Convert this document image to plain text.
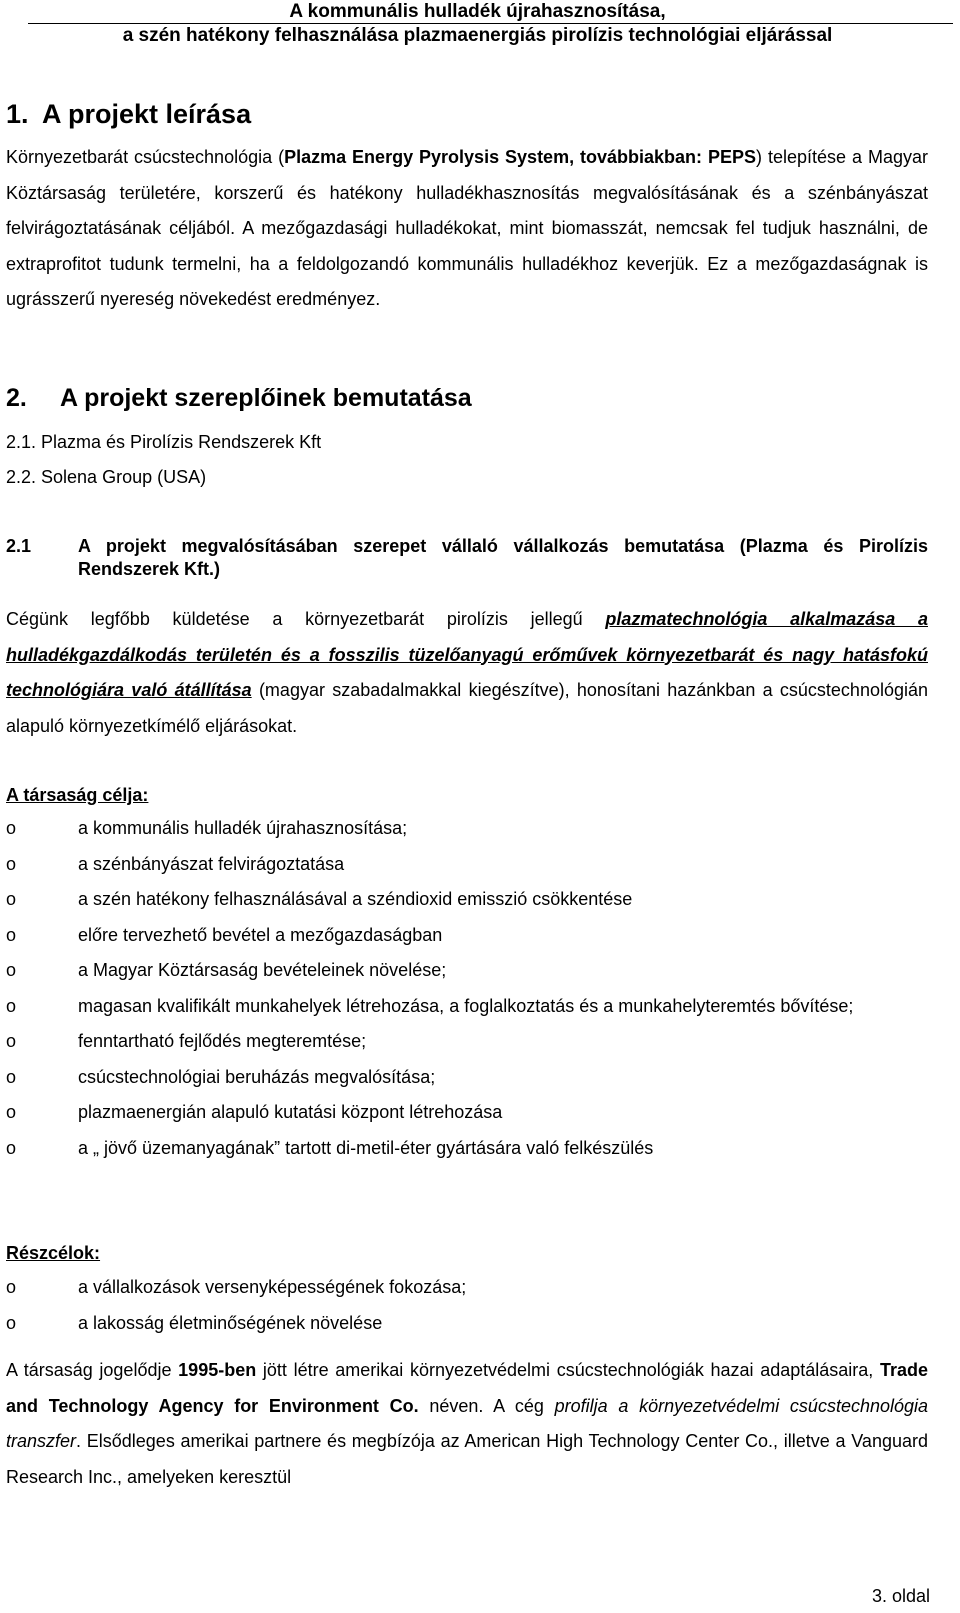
A kommunális hulladék újrahasznosítása,
a szén hatékony felhasználása plazmaenergiás pirolízis technológiai eljárással
1. A projekt leírása

Környezetbarát csúcstechnológia (Plazma Energy Pyrolysis System, továbbiakban: PEPS) telepítése a Magyar Köztársaság területére, korszerű és hatékony hulladékhasznosítás megvalósításának és a szénbányászat felvirágoztatásának céljából. A mezőgazdasági hulladékokat, mint biomasszát, nemcsak fel tudjuk használni, de extraprofitot tudunk termelni, ha a feldolgozandó kommunális hulladékhoz keverjük. Ez a mezőgazdaságnak is ugrásszerű nyereség növekedést eredményez.

2. A projekt szereplőinek bemutatása
2.1. Plazma és Pirolízis Rendszerek Kft
2.2. Solena Group (USA)
2.1	A projekt megvalósításában szerepet vállaló vállalkozás bemutatása (Plazma és Pirolízis Rendszerek Kft.)

Cégünk legfőbb küldetése a környezetbarát pirolízis jellegű plazmatechnológia alkalmazása a hulladékgazdálkodás területén és a fosszilis tüzelőanyagú erőművek környezetbarát és nagy hatásfokú technológiára való átállítása (magyar szabadalmakkal kiegészítve), honosítani hazánkban a csúcstechnológián alapuló környezetkímélő eljárásokat.

A társaság célja:
o	a kommunális hulladék újrahasznosítása;
o	a szénbányászat felvirágoztatása
o	a szén hatékony felhasználásával a széndioxid emisszió csökkentése
o	előre tervezhető bevétel a mezőgazdaságban
o	a Magyar Köztársaság bevételeinek növelése;
o	magasan kvalifikált munkahelyek létrehozása, a foglalkoztatás és a munkahelyteremtés bővítése;
o	fenntartható fejlődés megteremtése;
o	csúcstechnológiai beruházás megvalósítása;
o	plazmaenergián alapuló kutatási központ létrehozása
o	a „ jövő üzemanyagának” tartott di-metil-éter gyártására való felkészülés
Részcélok:
o	a vállalkozások versenyképességének fokozása;
o	a lakosság életminőségének növelése

A társaság jogelődje 1995-ben jött létre amerikai környezetvédelmi csúcstechnológiák hazai adaptálásaira, Trade and Technology Agency for Environment Co. néven. A cég profilja a környezetvédelmi csúcstechnológia transzfer. Elsődleges amerikai partnere és megbízója az American High Technology Center Co., illetve a Vanguard Research Inc., amelyeken keresztül

3. oldal
